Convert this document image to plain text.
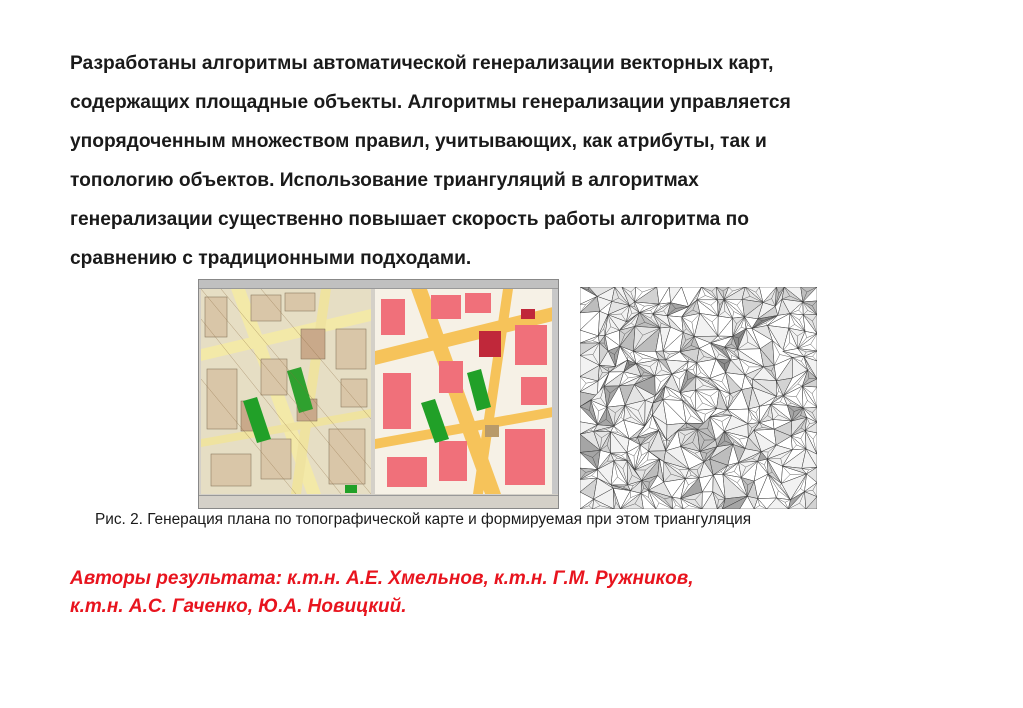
Разработаны алгоритмы автоматической генерализации векторных карт,
содержащих площадные объекты. Алгоритмы генерализации управляется
упорядоченным множеством правил, учитывающих, как атрибуты, так и
топологию объектов. Использование триангуляций в алгоритмах
генерализации существенно повышает скорость работы алгоритма по
сравнению с традиционными подходами.
Рис. 2. Генерация плана по топографической карте и формируемая при этом триангуляция
Авторы результата: к.т.н. А.Е. Хмельнов, к.т.н. Г.М. Ружников,
к.т.н. А.С. Гаченко, Ю.А. Новицкий.
